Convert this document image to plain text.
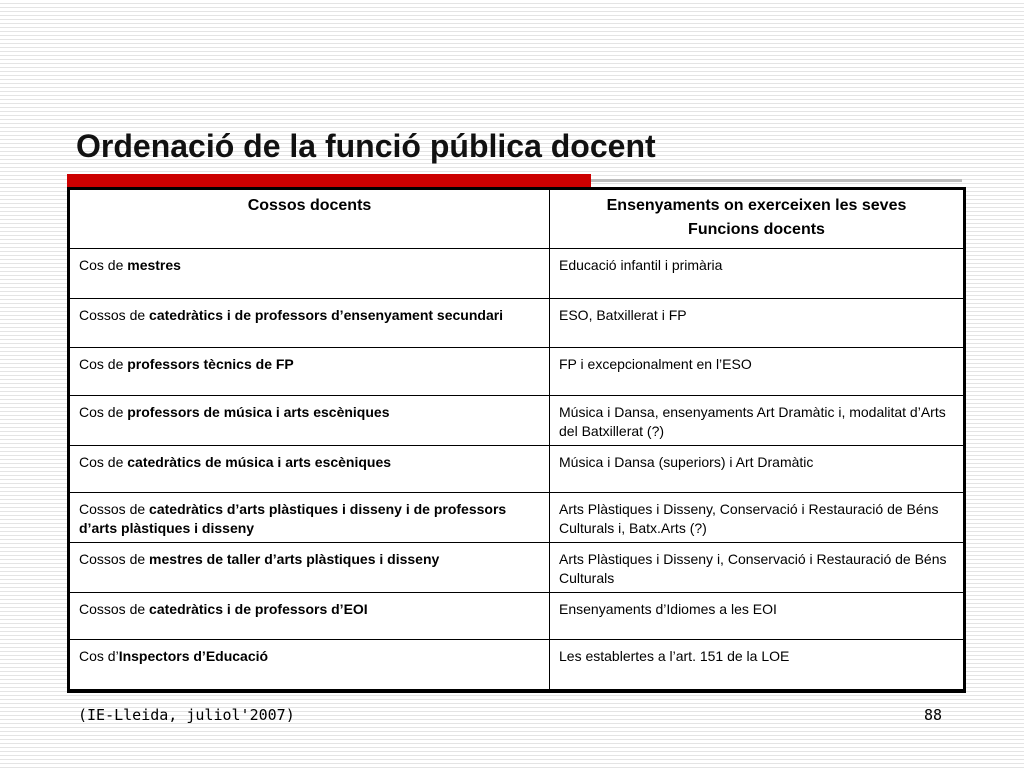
Ordenació de la funció pública docent
Cossos docents	Ensenyaments on exerceixen les seves
Funcions docents
Cos de mestres	Educació infantil i primària
Cossos de catedràtics i de professors d’ensenyament secundari	ESO, Batxillerat i FP
Cos de professors tècnics de FP	FP i excepcionalment en l’ESO
Cos de professors de música i arts escèniques	Música i Dansa, ensenyaments Art Dramàtic i, modalitat d’Arts del Batxillerat (?)
Cos de catedràtics de música i arts escèniques	Música i Dansa (superiors) i Art Dramàtic
Cossos de catedràtics d’arts plàstiques i disseny i de professors d’arts plàstiques i disseny	Arts Plàstiques i Disseny, Conservació i Restauració de Béns Culturals i, Batx.Arts (?)
Cossos de mestres de taller d’arts plàstiques i disseny	Arts Plàstiques i Disseny i, Conservació i Restauració de Béns Culturals
Cossos de catedràtics i de professors d’EOI	Ensenyaments d’Idiomes a les EOI
Cos d’Inspectors d’Educació	Les establertes a l’art. 151 de la LOE
(IE-Lleida, juliol'2007)	88
